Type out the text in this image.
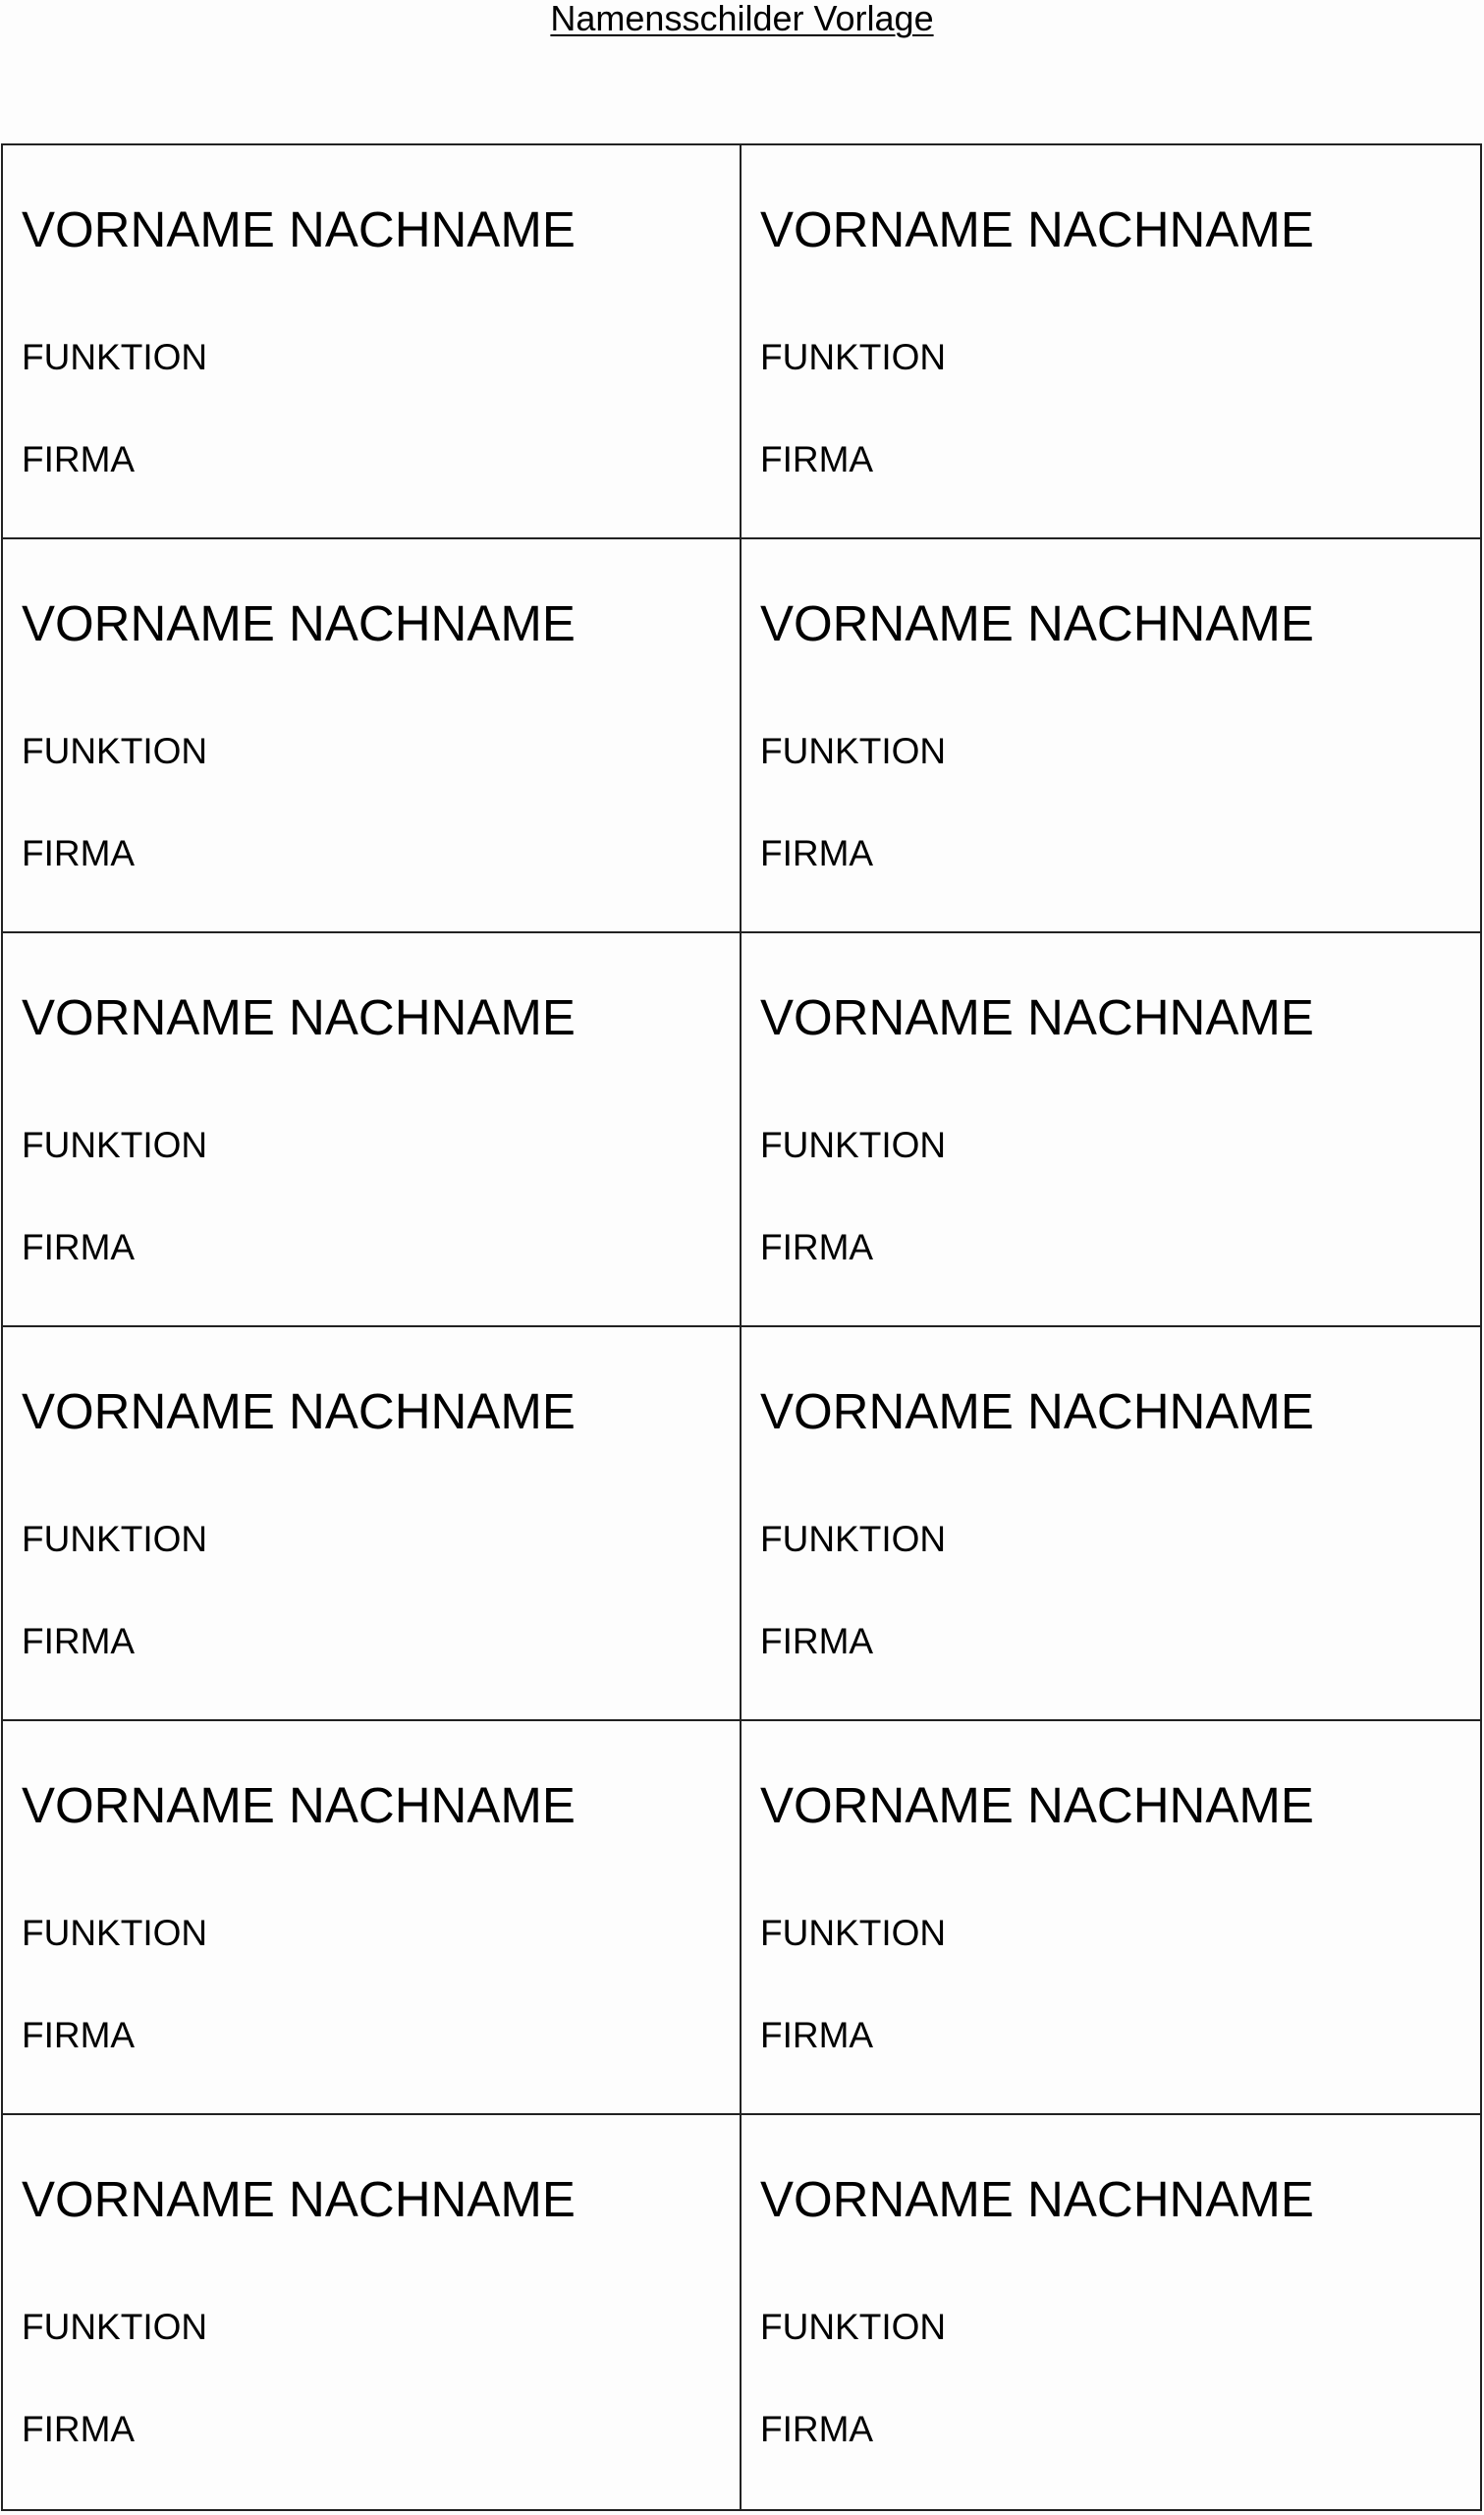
Namensschilder Vorlage
VORNAME NACHNAME
FUNKTION
FIRMA
VORNAME NACHNAME
FUNKTION
FIRMA
VORNAME NACHNAME
FUNKTION
FIRMA
VORNAME NACHNAME
FUNKTION
FIRMA
VORNAME NACHNAME
FUNKTION
FIRMA
VORNAME NACHNAME
FUNKTION
FIRMA
VORNAME NACHNAME
FUNKTION
FIRMA
VORNAME NACHNAME
FUNKTION
FIRMA
VORNAME NACHNAME
FUNKTION
FIRMA
VORNAME NACHNAME
FUNKTION
FIRMA
VORNAME NACHNAME
FUNKTION
FIRMA
VORNAME NACHNAME
FUNKTION
FIRMA
